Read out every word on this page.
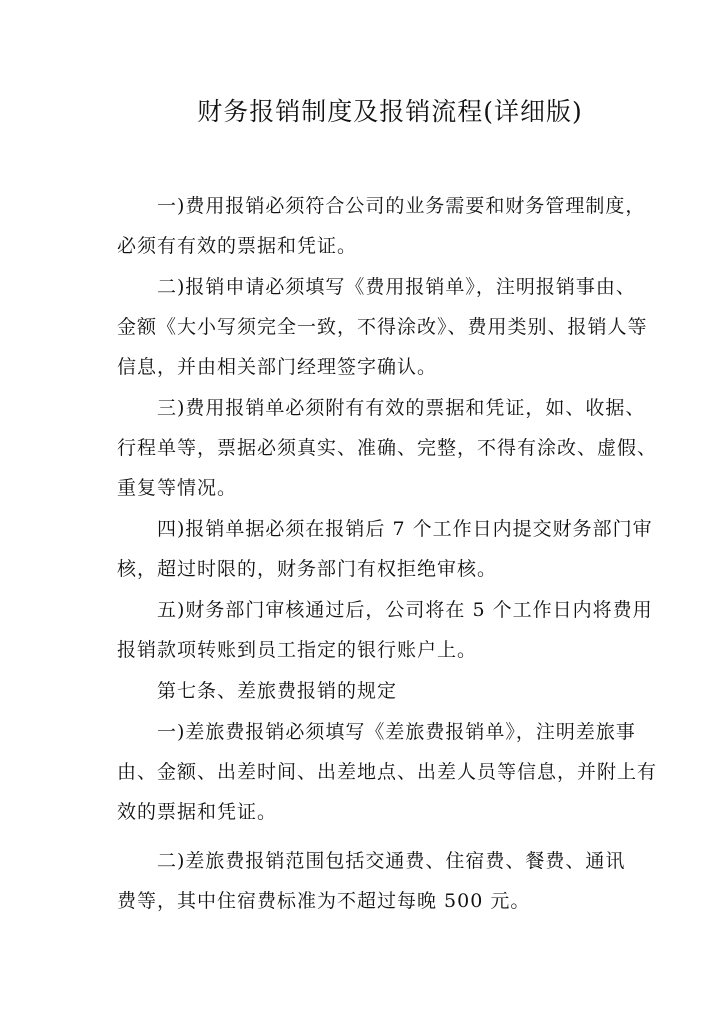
财务报销制度及报销流程(详细版)
一)费用报销必须符合公司的业务需要和财务管理制度，
必须有有效的票据和凭证。
二)报销申请必须填写《费用报销单》，注明报销事由、
金额《大小写须完全一致，不得涂改》、费用类别、报销人等
信息，并由相关部门经理签字确认。
三)费用报销单必须附有有效的票据和凭证，如、收据、
行程单等，票据必须真实、准确、完整，不得有涂改、虚假、
重复等情况。
四)报销单据必须在报销后 7 个工作日内提交财务部门审
核，超过时限的，财务部门有权拒绝审核。
五)财务部门审核通过后，公司将在 5 个工作日内将费用
报销款项转账到员工指定的银行账户上。
第七条、差旅费报销的规定
一)差旅费报销必须填写《差旅费报销单》，注明差旅事
由、金额、出差时间、出差地点、出差人员等信息，并附上有
效的票据和凭证。
二)差旅费报销范围包括交通费、住宿费、餐费、通讯
费等，其中住宿费标准为不超过每晚 500 元。
